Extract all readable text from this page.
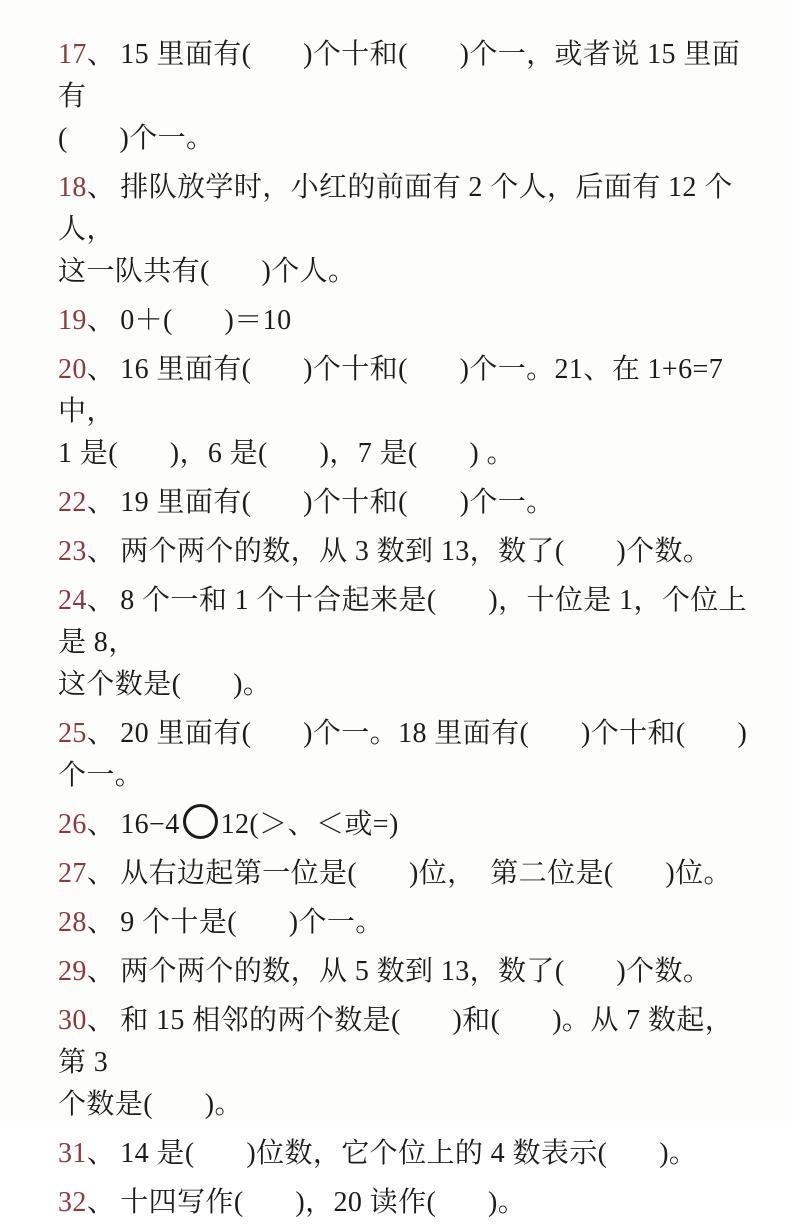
17、 15 里面有(       )个十和(       )个一，或者说 15 里面有
(       )个一。
18、 排队放学时，小红的前面有 2 个人，后面有 12 个人，
这一队共有(       )个人。
19、 0＋(       )＝10
20、 16 里面有(       )个十和(       )个一。21、在 1+6=7 中，
1 是(       )，6 是(       )，7 是(       ) 。
22、 19 里面有(       )个十和(       )个一。
23、 两个两个的数，从 3 数到 13，数了(       )个数。
24、 8 个一和 1 个十合起来是(       )，十位是 1，个位上是 8，
这个数是(       )。
25、 20 里面有(       )个一。18 里面有(       )个十和(       )
个一。
26、 16−4 12(＞、＜或=)
27、 从右边起第一位是(       )位，  第二位是(       )位。
28、 9 个十是(       )个一。
29、 两个两个的数，从 5 数到 13，数了(       )个数。
30、 和 15 相邻的两个数是(       )和(       )。从 7 数起，第 3
个数是(       )。
31、 14 是(       )位数，它个位上的 4 数表示(       )。
32、 十四写作(       )，20 读作(       )。
